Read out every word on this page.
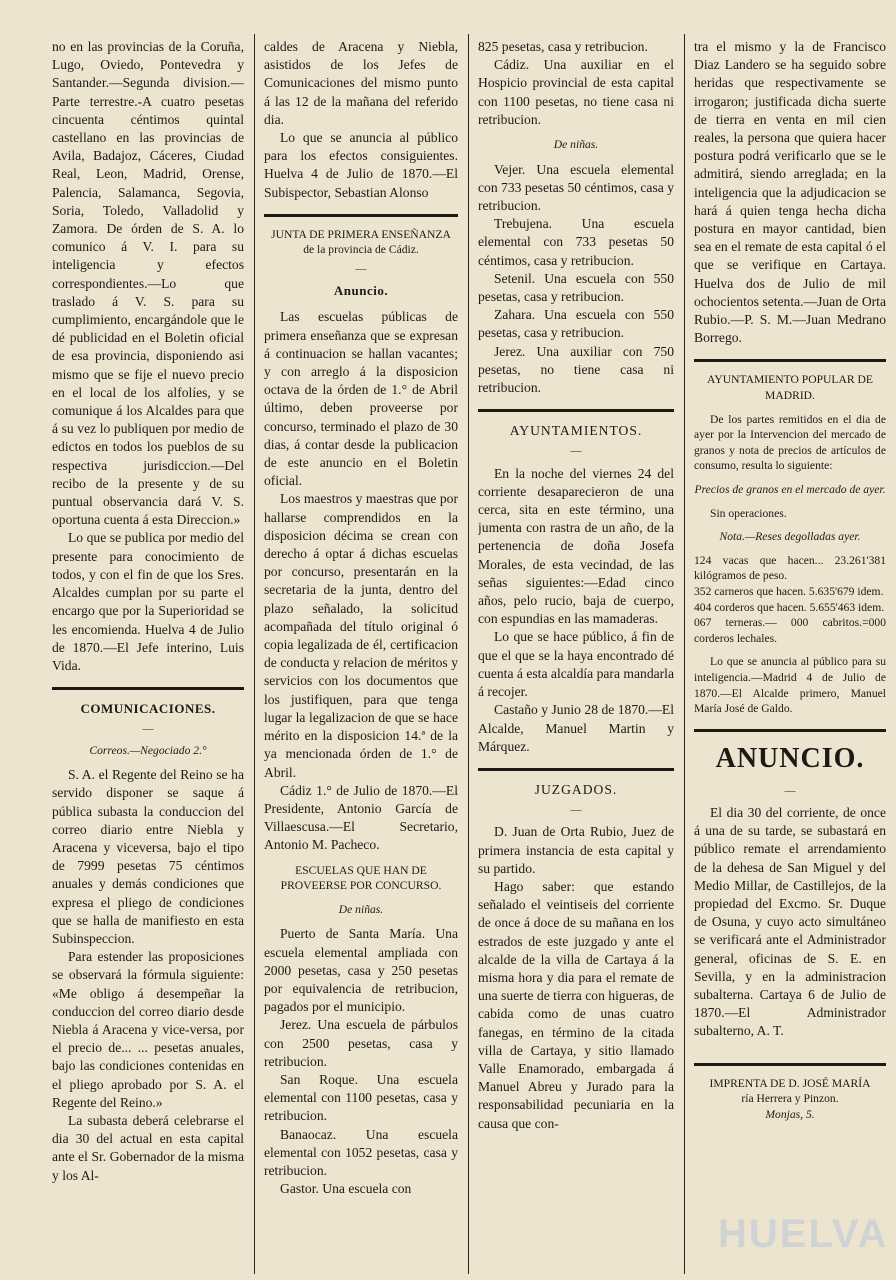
no en las provincias de la Coruña, Lugo, Oviedo, Pontevedra y Santander.—Segunda division.—Parte terrestre.-A cuatro pesetas cincuenta céntimos quintal castellano en las provincias de Avila, Badajoz, Cáceres, Ciudad Real, Leon, Madrid, Orense, Palencia, Salamanca, Segovia, Soria, Toledo, Valladolid y Zamora. De órden de S. A. lo comunico á V. I. para su inteligencia y efectos correspondientes.—Lo que traslado á V. S. para su cumplimiento, encargándole que le dé publicidad en el Boletin oficial de esa provincia, disponiendo asi mismo que se fije el nuevo precio en el local de los alfolíes, y se comunique á los Alcaldes para que á su vez lo publiquen por medio de edictos en todos los pueblos de su respectiva jurisdiccion.—Del recibo de la presente y de su puntual observancia dará V. S. oportuna cuenta á esta Direccion.»

Lo que se publica por medio del presente para conocimiento de todos, y con el fin de que los Sres. Alcaldes cumplan por su parte el encargo que por la Superioridad se les encomienda. Huelva 4 de Julio de 1870.—El Jefe interino, Luis Vida.

COMUNICACIONES.
—

Correos.—Negociado 2.°

S. A. el Regente del Reino se ha servido disponer se saque á pública subasta la conduccion del correo diario entre Niebla y Aracena y viceversa, bajo el tipo de 7999 pesetas 75 céntimos anuales y demás condiciones que expresa el pliego de condiciones que se halla de manifiesto en esta Subinspeccion.

Para estender las proposiciones se observará la fórmula siguiente: «Me obligo á desempeñar la conduccion del correo diario desde Niebla á Aracena y vice-versa, por el precio de... ... pesetas anuales, bajo las condiciones contenidas en el pliego aprobado por S. A. el Regente del Reino.»

La subasta deberá celebrarse el dia 30 del actual en esta capital ante el Sr. Gobernador de la misma y los Al-

caldes de Aracena y Niebla, asistidos de los Jefes de Comunicaciones del mismo punto á las 12 de la mañana del referido dia.

Lo que se anuncia al público para los efectos consiguientes. Huelva 4 de Julio de 1870.—El Subispector, Sebastian Alonso

JUNTA DE PRIMERA ENSEÑANZA

de la provincia de Cádiz.

—
Anuncio.

Las escuelas públicas de primera enseñanza que se expresan á continuacion se hallan vacantes; y con arreglo á la disposicion octava de la órden de 1.° de Abril último, deben proveerse por concurso, terminado el plazo de 30 dias, á contar desde la publicacion de este anuncio en el Boletin oficial.

Los maestros y maestras que por hallarse comprendidos en la disposicion décima se crean con derecho á optar á dichas escuelas por concurso, presentarán en la secretaria de la junta, dentro del plazo señalado, la solicitud acompañada del título original ó copia legalizada de él, certificacion de conducta y relacion de méritos y servicios con los documentos que los justifiquen, para que tenga lugar la legalizacion de que se hace mérito en la disposicion 14.ª de la ya mencionada órden de 1.° de Abril.

Cádiz 1.° de Julio de 1870.—El Presidente, Antonio García de Villaescusa.—El Secretario, Antonio M. Pacheco.

ESCUELAS QUE HAN DE PROVEERSE POR CONCURSO.

De niñas.

Puerto de Santa María. Una escuela elemental ampliada con 2000 pesetas, casa y 250 pesetas por equivalencia de retribucion, pagados por el municipio.

Jerez. Una escuela de párbulos con 2500 pesetas, casa y retribucion.

San Roque. Una escuela elemental con 1100 pesetas, casa y retribucion.

Banaocaz. Una escuela elemental con 1052 pesetas, casa y retribucion.

Gastor. Una escuela con

825 pesetas, casa y retribucion.

Cádiz. Una auxiliar en el Hospicio provincial de esta capital con 1100 pesetas, no tiene casa ni retribucion.

De niñas.

Vejer. Una escuela elemental con 733 pesetas 50 céntimos, casa y retribucion.

Trebujena. Una escuela elemental con 733 pesetas 50 céntimos, casa y retribucion.

Setenil. Una escuela con 550 pesetas, casa y retribucion.

Zahara. Una escuela con 550 pesetas, casa y retribucion.

Jerez. Una auxiliar con 750 pesetas, no tiene casa ni retribucion.

AYUNTAMIENTOS.

—

En la noche del viernes 24 del corriente desaparecieron de una cerca, sita en este término, una jumenta con rastra de un año, de la pertenencia de doña Josefa Morales, de esta vecindad, de las señas siguientes:—Edad cinco años, pelo rucio, baja de cuerpo, con espundias en las mamaderas.

Lo que se hace público, á fin de que el que se la haya encontrado dé cuenta á esta alcaldía para mandarla á recojer.

Castaño y Junio 28 de 1870.—El Alcalde, Manuel Martin y Márquez.

JUZGADOS.

—

D. Juan de Orta Rubio, Juez de primera instancia de esta capital y su partido.

Hago saber: que estando señalado el veintiseis del corriente de once á doce de su mañana en los estrados de este juzgado y ante el alcalde de la villa de Cartaya á la misma hora y dia para el remate de una suerte de tierra con higueras, de cabida como de unas cuatro fanegas, en término de la citada villa de Cartaya, y sitio llamado Valle Enamorado, embargada á Manuel Abreu y Jurado para la responsabilidad pecuniaria en la causa que con-

tra el mismo y la de Francisco Diaz Landero se ha seguido sobre heridas que respectivamente se irrogaron; justificada dicha suerte de tierra en venta en mil cien reales, la persona que quiera hacer postura podrá verificarlo que se le admitirá, siendo arreglada; en la inteligencia que la adjudicacion se hará á quien tenga hecha dicha postura en mayor cantidad, bien sea en el remate de esta capital ó el que se verifique en Cartaya. Huelva dos de Julio de mil ochocientos setenta.—Juan de Orta Rubio.—P. S. M.—Juan Medrano Borrego.

AYUNTAMIENTO POPULAR DE

MADRID.

De los partes remitidos en el dia de ayer por la Intervencion del mercado de granos y nota de precios de artículos de consumo, resulta lo siguiente:

Precios de granos en el mercado de ayer.

Sin operaciones.

Nota.—Reses degolladas ayer.

124 vacas que hacen... 23.261'381 kilógramos de peso.

352 carneros que hacen. 5.635'679 idem.

404 corderos que hacen. 5.655'463 idem.

067 terneras.— 000 cabritos.=000 corderos lechales.

Lo que se anuncia al público para su inteligencia.—Madrid 4 de Julio de 1870.—El Alcalde primero, Manuel María José de Galdo.

ANUNCIO.
—

El dia 30 del corriente, de once á una de su tarde, se subastará en público remate el arrendamiento de la dehesa de San Miguel y del Medio Millar, de Castillejos, de la propiedad del Excmo. Sr. Duque de Osuna, y cuyo acto simultáneo se verificará ante el Administrador general, oficinas de S. E. en Sevilla, y en la administracion subalterna. Cartaya 6 de Julio de 1870.—El Administrador subalterno, A. T.

IMPRENTA DE D. JOSÉ MARÍA

ría Herrera y Pinzon.

Monjas, 5.

HUELVA
